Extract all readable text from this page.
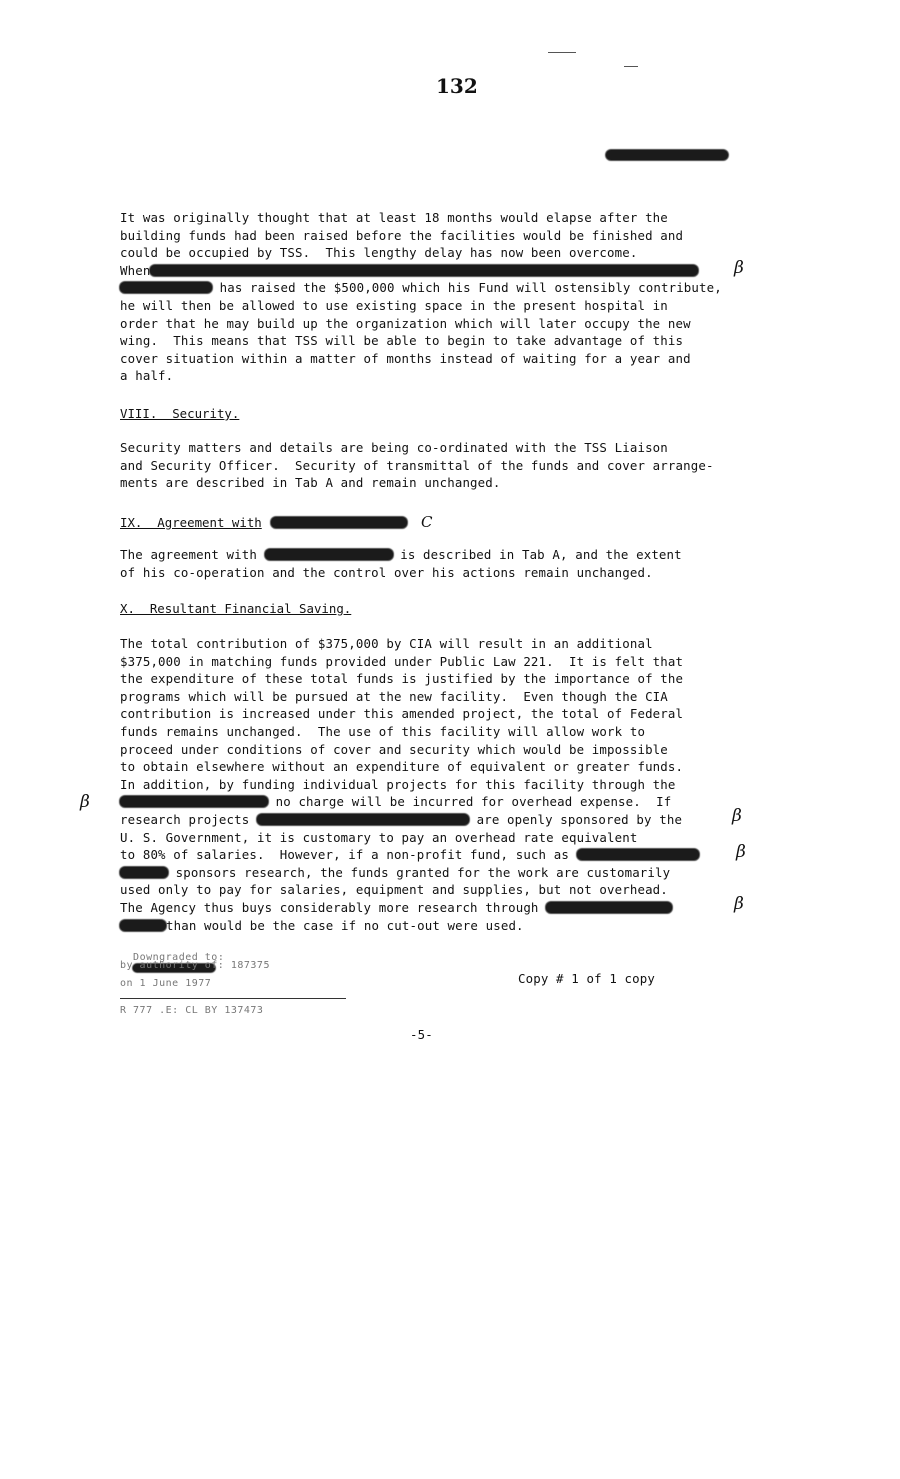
132
It was originally thought that at least 18 months would elapse after the
building funds had been raised before the facilities would be finished and
could be occupied by TSS.  This lengthy delay has now been overcome.
When
has raised the $500,000 which his Fund will ostensibly contribute,
he will then be allowed to use existing space in the present hospital in
order that he may build up the organization which will later occupy the new
wing.  This means that TSS will be able to begin to take advantage of this
cover situation within a matter of months instead of waiting for a year and
a half.
VIII.  Security.
Security matters and details are being co-ordinated with the TSS Liaison
and Security Officer.  Security of transmittal of the funds and cover arrange-
ments are described in Tab A and remain unchanged.
IX.  Agreement with	C
The agreement with	is described in Tab A, and the extent
of his co-operation and the control over his actions remain unchanged.
X.  Resultant Financial Saving.
The total contribution of $375,000 by CIA will result in an additional
$375,000 in matching funds provided under Public Law 221.  It is felt that
the expenditure of these total funds is justified by the importance of the
programs which will be pursued at the new facility.  Even though the CIA
contribution is increased under this amended project, the total of Federal
funds remains unchanged.  The use of this facility will allow work to
proceed under conditions of cover and security which would be impossible
to obtain elsewhere without an expenditure of equivalent or greater funds.
In addition, by funding individual projects for this facility through the
no charge will be incurred for overhead expense.  If
research projects	are openly sponsored by the
U. S. Government, it is customary to pay an overhead rate equivalent
to 80% of salaries.  However, if a non-profit fund, such as
sponsors research, the funds granted for the work are customarily
used only to pay for salaries, equipment and supplies, but not overhead.
The Agency thus buys considerably more research through
than would be the case if no cut-out were used.
β
β
β
β
β

Downgraded to:

by authority of: 187375
on 1 June 1977
R 777 .E: CL BY 137473
Copy # 1 of 1 copy
-5-
